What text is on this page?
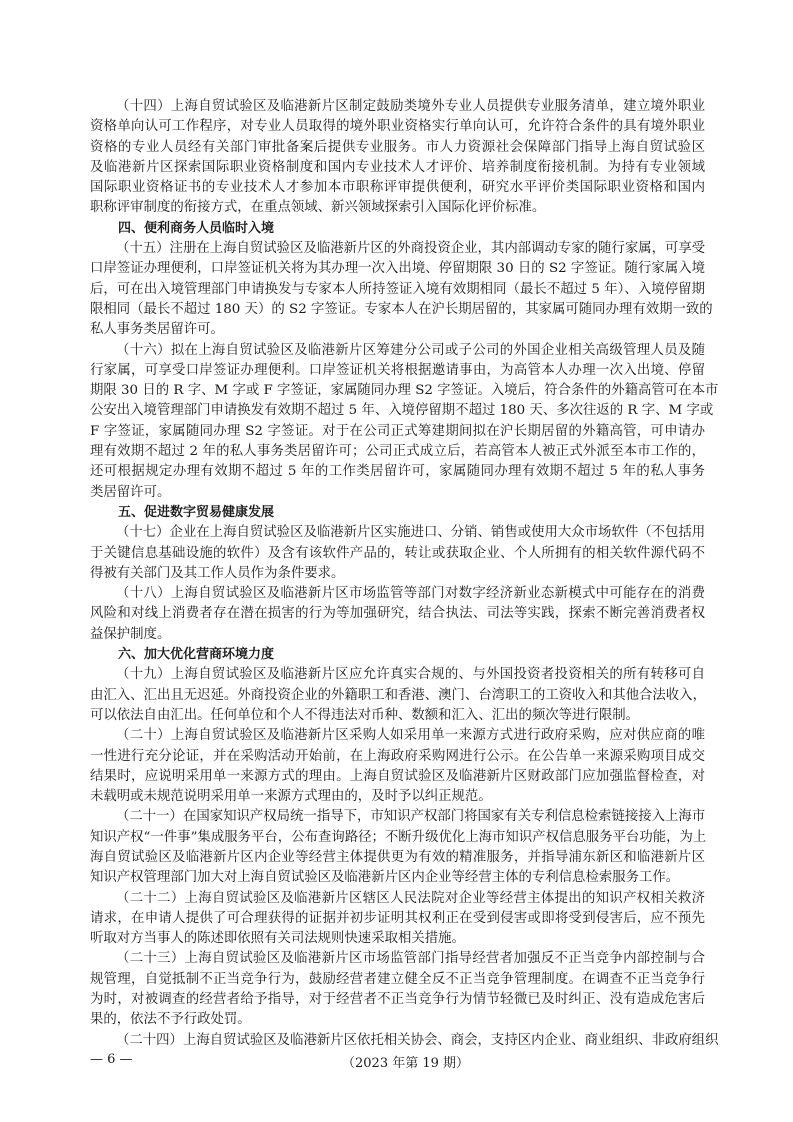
（十四）上海自贸试验区及临港新片区制定鼓励类境外专业人员提供专业服务清单，建立境外职业
资格单向认可工作程序，对专业人员取得的境外职业资格实行单向认可，允许符合条件的具有境外职业
资格的专业人员经有关部门审批备案后提供专业服务。市人力资源社会保障部门指导上海自贸试验区
及临港新片区探索国际职业资格制度和国内专业技术人才评价、培养制度衔接机制。为持有专业领域
国际职业资格证书的专业技术人才参加本市职称评审提供便利，研究水平评价类国际职业资格和国内
职称评审制度的衔接方式，在重点领域、新兴领域探索引入国际化评价标准。
四、便利商务人员临时入境
（十五）注册在上海自贸试验区及临港新片区的外商投资企业，其内部调动专家的随行家属，可享受
口岸签证办理便利，口岸签证机关将为其办理一次入出境、停留期限 30 日的 S2 字签证。随行家属入境
后，可在出入境管理部门申请换发与专家本人所持签证入境有效期相同（最长不超过 5 年）、入境停留期
限相同（最长不超过 180 天）的 S2 字签证。专家本人在沪长期居留的，其家属可随同办理有效期一致的
私人事务类居留许可。
（十六）拟在上海自贸试验区及临港新片区筹建分公司或子公司的外国企业相关高级管理人员及随
行家属，可享受口岸签证办理便利。口岸签证机关将根据邀请事由，为高管本人办理一次入出境、停留
期限 30 日的 R 字、M 字或 F 字签证，家属随同办理 S2 字签证。入境后，符合条件的外籍高管可在本市
公安出入境管理部门申请换发有效期不超过 5 年、入境停留期不超过 180 天、多次往返的 R 字、M 字或
F 字签证，家属随同办理 S2 字签证。对于在公司正式筹建期间拟在沪长期居留的外籍高管，可申请办
理有效期不超过 2 年的私人事务类居留许可；公司正式成立后，若高管本人被正式外派至本市工作的，
还可根据规定办理有效期不超过 5 年的工作类居留许可，家属随同办理有效期不超过 5 年的私人事务
类居留许可。
五、促进数字贸易健康发展
（十七）企业在上海自贸试验区及临港新片区实施进口、分销、销售或使用大众市场软件（不包括用
于关键信息基础设施的软件）及含有该软件产品的，转让或获取企业、个人所拥有的相关软件源代码不
得被有关部门及其工作人员作为条件要求。
（十八）上海自贸试验区及临港新片区市场监管等部门对数字经济新业态新模式中可能存在的消费
风险和对线上消费者存在潜在损害的行为等加强研究，结合执法、司法等实践，探索不断完善消费者权
益保护制度。
六、加大优化营商环境力度
（十九）上海自贸试验区及临港新片区应允许真实合规的、与外国投资者投资相关的所有转移可自
由汇入、汇出且无迟延。外商投资企业的外籍职工和香港、澳门、台湾职工的工资收入和其他合法收入，
可以依法自由汇出。任何单位和个人不得违法对币种、数额和汇入、汇出的频次等进行限制。
（二十）上海自贸试验区及临港新片区采购人如采用单一来源方式进行政府采购，应对供应商的唯
一性进行充分论证，并在采购活动开始前，在上海政府采购网进行公示。在公告单一来源采购项目成交
结果时，应说明采用单一来源方式的理由。上海自贸试验区及临港新片区财政部门应加强监督检查，对
未载明或未规范说明采用单一来源方式理由的，及时予以纠正规范。
（二十一）在国家知识产权局统一指导下，市知识产权部门将国家有关专利信息检索链接接入上海市
知识产权“一件事”集成服务平台，公布查询路径；不断升级优化上海市知识产权信息服务平台功能，为上
海自贸试验区及临港新片区内企业等经营主体提供更为有效的精准服务，并指导浦东新区和临港新片区
知识产权管理部门加大对上海自贸试验区及临港新片区内企业等经营主体的专利信息检索服务工作。
（二十二）上海自贸试验区及临港新片区辖区人民法院对企业等经营主体提出的知识产权相关救济
请求，在申请人提供了可合理获得的证据并初步证明其权利正在受到侵害或即将受到侵害后，应不预先
听取对方当事人的陈述即依照有关司法规则快速采取相关措施。
（二十三）上海自贸试验区及临港新片区市场监管部门指导经营者加强反不正当竞争内部控制与合
规管理，自觉抵制不正当竞争行为，鼓励经营者建立健全反不正当竞争管理制度。在调查不正当竞争行
为时，对被调查的经营者给予指导，对于经营者不正当竞争行为情节轻微已及时纠正、没有造成危害后
果的，依法不予行政处罚。
（二十四）上海自贸试验区及临港新片区依托相关协会、商会，支持区内企业、商业组织、非政府组织
— 6 —	（2023 年第 19 期）
